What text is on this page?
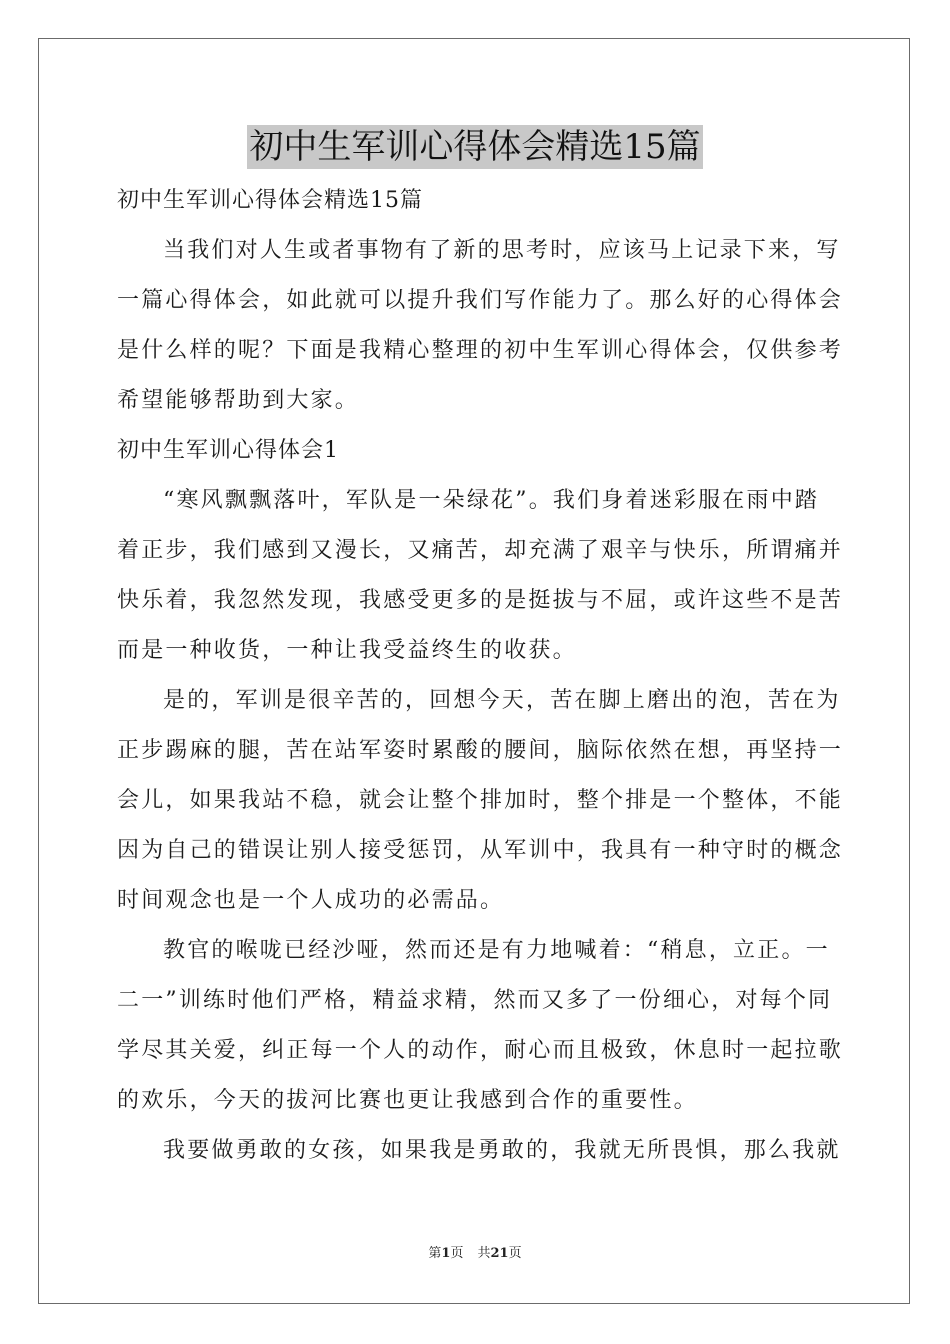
初中生军训心得体会精选15篇
初中生军训心得体会精选15篇
当我们对人生或者事物有了新的思考时，应该马上记录下来，写
一篇心得体会，如此就可以提升我们写作能力了。那么好的心得体会
是什么样的呢？下面是我精心整理的初中生军训心得体会，仅供参考
希望能够帮助到大家。
初中生军训心得体会1
“寒风飘飘落叶，军队是一朵绿花”。我们身着迷彩服在雨中踏
着正步，我们感到又漫长，又痛苦，却充满了艰辛与快乐，所谓痛并
快乐着，我忽然发现，我感受更多的是挺拔与不屈，或许这些不是苦
而是一种收货，一种让我受益终生的收获。
是的，军训是很辛苦的，回想今天，苦在脚上磨出的泡，苦在为
正步踢麻的腿，苦在站军姿时累酸的腰间，脑际依然在想，再坚持一
会儿，如果我站不稳，就会让整个排加时，整个排是一个整体，不能
因为自己的错误让别人接受惩罚，从军训中，我具有一种守时的概念
时间观念也是一个人成功的必需品。
教官的喉咙已经沙哑，然而还是有力地喊着：“稍息，立正。一
二一”训练时他们严格，精益求精，然而又多了一份细心，对每个同
学尽其关爱，纠正每一个人的动作，耐心而且极致，休息时一起拉歌
的欢乐，今天的拔河比赛也更让我感到合作的重要性。
我要做勇敢的女孩，如果我是勇敢的，我就无所畏惧，那么我就
第1页 共21页
